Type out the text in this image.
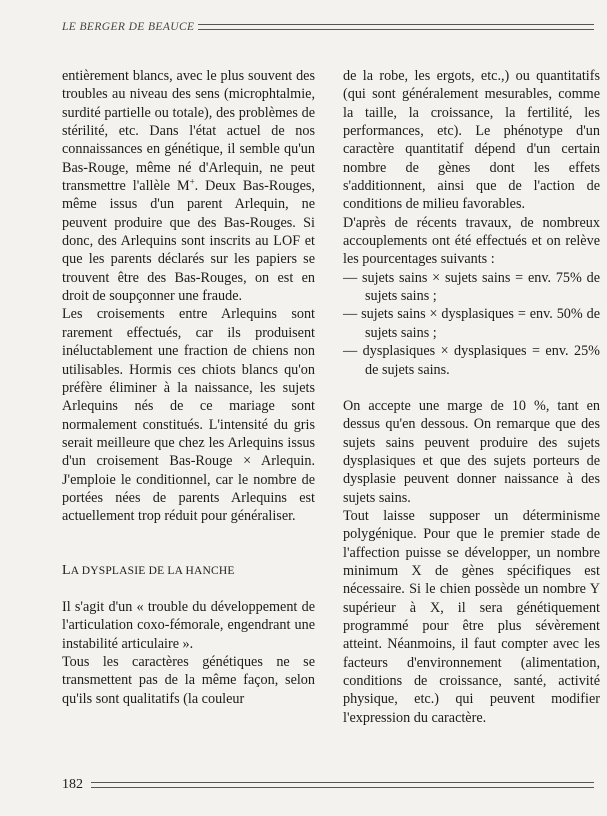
LE BERGER DE BEAUCE

entièrement blancs, avec le plus souvent des troubles au niveau des sens (microphtalmie, surdité partielle ou totale), des problèmes de stérilité, etc. Dans l'état actuel de nos connaissances en génétique, il semble qu'un Bas-Rouge, même né d'Arlequin, ne peut transmettre l'allèle M+. Deux Bas-Rouges, même issus d'un parent Arlequin, ne peuvent produire que des Bas-Rouges. Si donc, des Arlequins sont inscrits au LOF et que les parents déclarés sur les papiers se trouvent être des Bas-Rouges, on est en droit de soupçonner une fraude.

Les croisements entre Arlequins sont rarement effectués, car ils produisent inéluctablement une fraction de chiens non utilisables. Hormis ces chiots blancs qu'on préfère éliminer à la naissance, les sujets Arlequins nés de ce mariage sont normalement constitués. L'intensité du gris serait meilleure que chez les Arlequins issus d'un croisement Bas-Rouge × Arlequin. J'emploie le conditionnel, car le nombre de portées nées de parents Arlequins est actuellement trop réduit pour généraliser.

LA DYSPLASIE DE LA HANCHE

Il s'agit d'un « trouble du développement de l'articulation coxo-fémorale, engendrant une instabilité articulaire ».

Tous les caractères génétiques ne se transmettent pas de la même façon, selon qu'ils sont qualitatifs (la couleur

de la robe, les ergots, etc.,) ou quantitatifs (qui sont généralement mesurables, comme la taille, la croissance, la fertilité, les performances, etc). Le phénotype d'un caractère quantitatif dépend d'un certain nombre de gènes dont les effets s'additionnent, ainsi que de l'action de conditions de milieu favorables.

D'après de récents travaux, de nombreux accouplements ont été effectués et on relève les pourcentages suivants :

— sujets sains × sujets sains = env. 75% de sujets sains ;

— sujets sains × dysplasiques = env. 50% de sujets sains ;

— dysplasiques × dysplasiques = env. 25% de sujets sains.

On accepte une marge de 10 %, tant en dessus qu'en dessous. On remarque que des sujets sains peuvent produire des sujets dysplasiques et que des sujets porteurs de dysplasie peuvent donner naissance à des sujets sains.

Tout laisse supposer un déterminisme polygénique. Pour que le premier stade de l'affection puisse se développer, un nombre minimum X de gènes spécifiques est nécessaire. Si le chien possède un nombre Y supérieur à X, il sera génétiquement programmé pour être plus sévèrement atteint. Néanmoins, il faut compter avec les facteurs d'environnement (alimentation, conditions de croissance, santé, activité physique, etc.) qui peuvent modifier l'expression du caractère.

182
